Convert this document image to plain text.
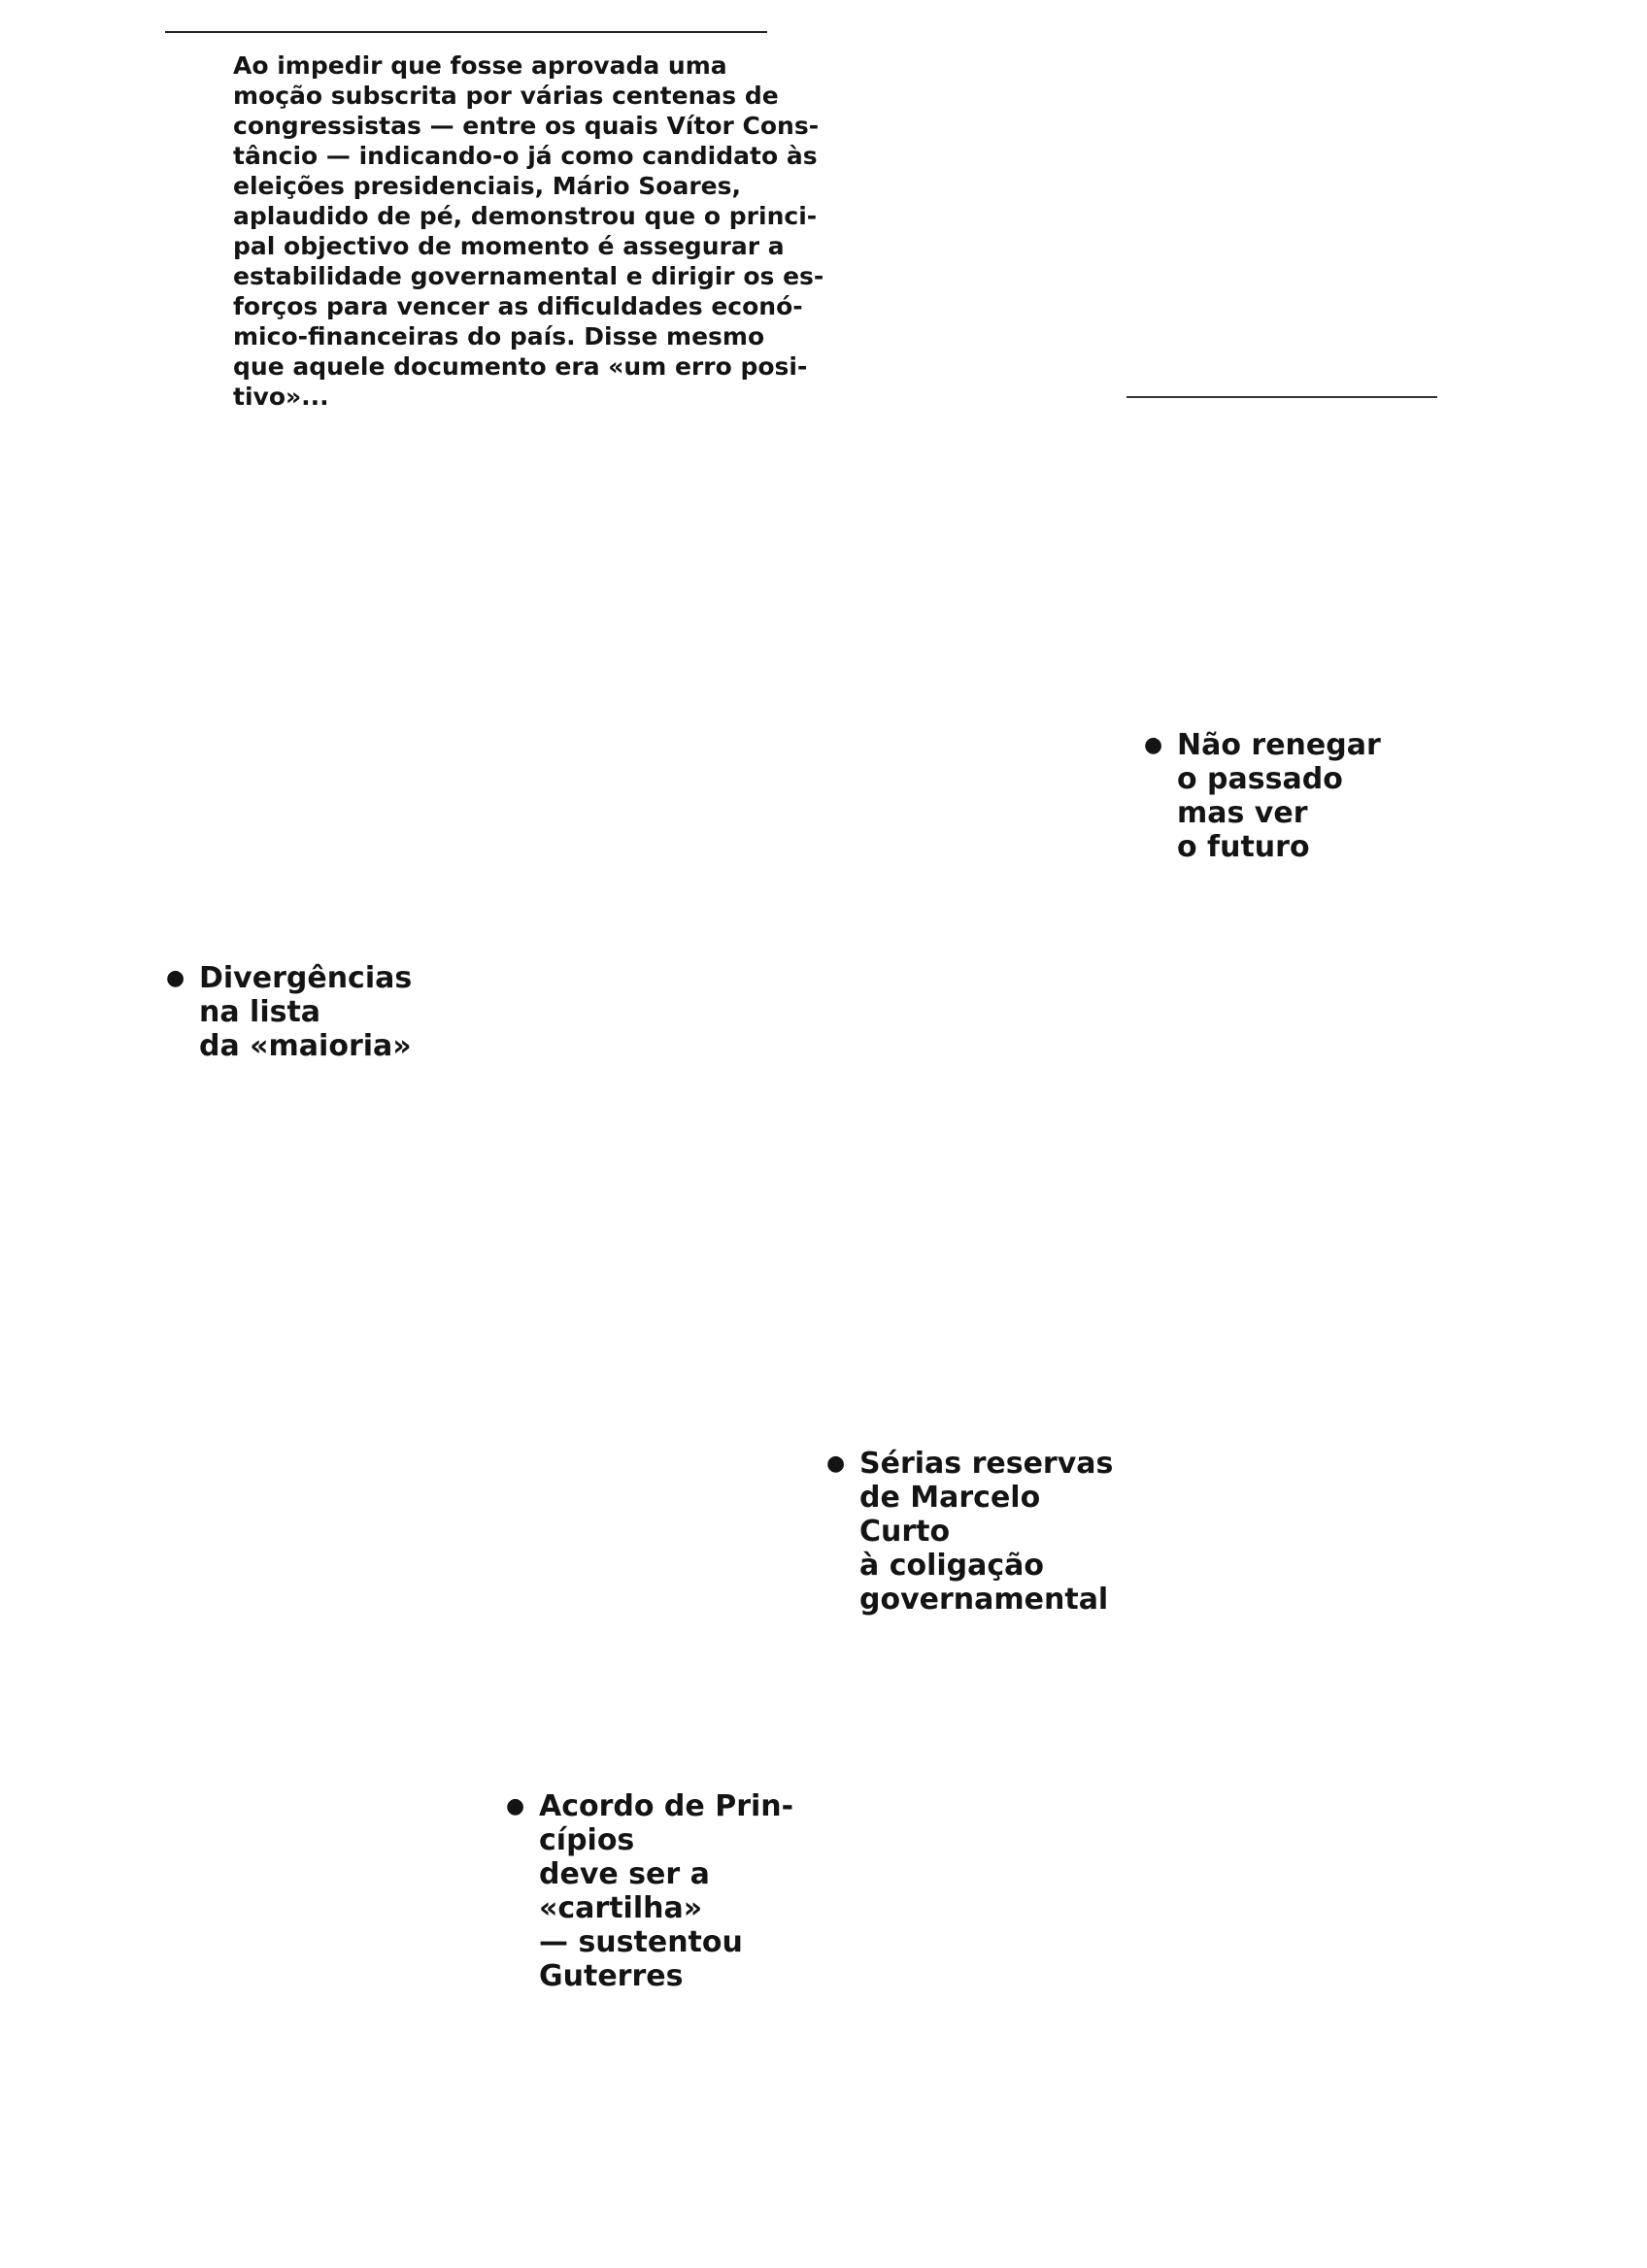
Ao impedir que fosse aprovada uma
moção subscrita por várias centenas de
congressistas — entre os quais Vítor Cons-
tâncio — indicando-o já como candidato às
eleições presidenciais, Mário Soares,
aplaudido de pé, demonstrou que o princi-
pal objectivo de momento é assegurar a
estabilidade governamental e dirigir os es-
forços para vencer as dificuldades econó-
mico-financeiras do país. Disse mesmo
que aquele documento era «um erro posi-
tivo»...

● Divergências
na lista
da «maioria»
● Acordo de Prin-
cípios
deve ser a
«cartilha»
— sustentou
Guterres
● Sérias reservas
de Marcelo
Curto
à coligação
governamental
● Não renegar
o passado
mas ver
o futuro
